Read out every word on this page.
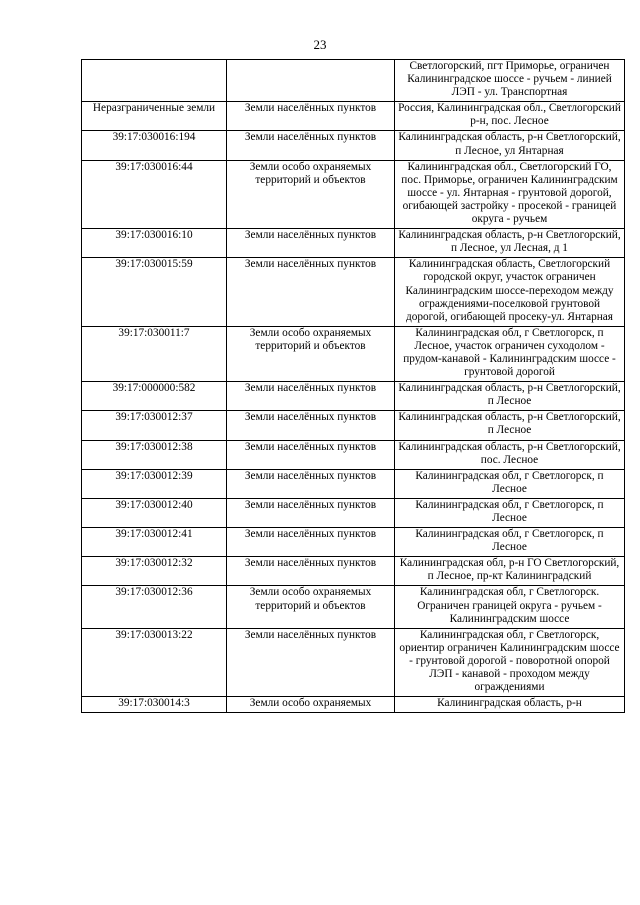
23
		Светлогорский, пгт Приморье, ограничен Калининградское шоссе - ручьем - линией ЛЭП - ул. Транспортная
Неразграниченные земли	Земли населённых пунктов	Россия, Калининградская обл., Светлогорский р-н, пос. Лесное
39:17:030016:194	Земли населённых пунктов	Калининградская область, р-н Светлогорский, п Лесное, ул Янтарная
39:17:030016:44	Земли особо охраняемых территорий и объектов	Калининградская обл., Светлогорский ГО, пос. Приморье, ограничен Калининградским шоссе - ул. Янтарная - грунтовой дорогой, огибающей застройку - просекой - границей округа - ручьем
39:17:030016:10	Земли населённых пунктов	Калининградская область, р-н Светлогорский, п Лесное, ул Лесная, д 1
39:17:030015:59	Земли населённых пунктов	Калининградская область, Светлогорский городской округ, участок ограничен Калининградским шоссе-переходом между ограждениями-поселковой грунтовой дорогой, огибающей просеку-ул. Янтарная
39:17:030011:7	Земли особо охраняемых территорий и объектов	Калининградская обл, г Светлогорск, п Лесное, участок ограничен суходолом - прудом-канавой - Калининградским шоссе - грунтовой дорогой
39:17:000000:582	Земли населённых пунктов	Калининградская область, р-н Светлогорский, п Лесное
39:17:030012:37	Земли населённых пунктов	Калининградская область, р-н Светлогорский, п Лесное
39:17:030012:38	Земли населённых пунктов	Калининградская область, р-н Светлогорский, пос. Лесное
39:17:030012:39	Земли населённых пунктов	Калининградская обл, г Светлогорск, п Лесное
39:17:030012:40	Земли населённых пунктов	Калининградская обл, г Светлогорск, п Лесное
39:17:030012:41	Земли населённых пунктов	Калининградская обл, г Светлогорск, п Лесное
39:17:030012:32	Земли населённых пунктов	Калининградская обл, р-н ГО Светлогорский, п Лесное, пр-кт Калининградский
39:17:030012:36	Земли особо охраняемых территорий и объектов	Калининградская обл, г Светлогорск. Ограничен границей округа - ручьем - Калининградским шоссе
39:17:030013:22	Земли населённых пунктов	Калининградская обл, г Светлогорск, ориентир ограничен Калининградским шоссе - грунтовой дорогой - поворотной опорой ЛЭП - канавой - проходом между ограждениями
39:17:030014:3	Земли особо охраняемых	Калининградская область, р-н
